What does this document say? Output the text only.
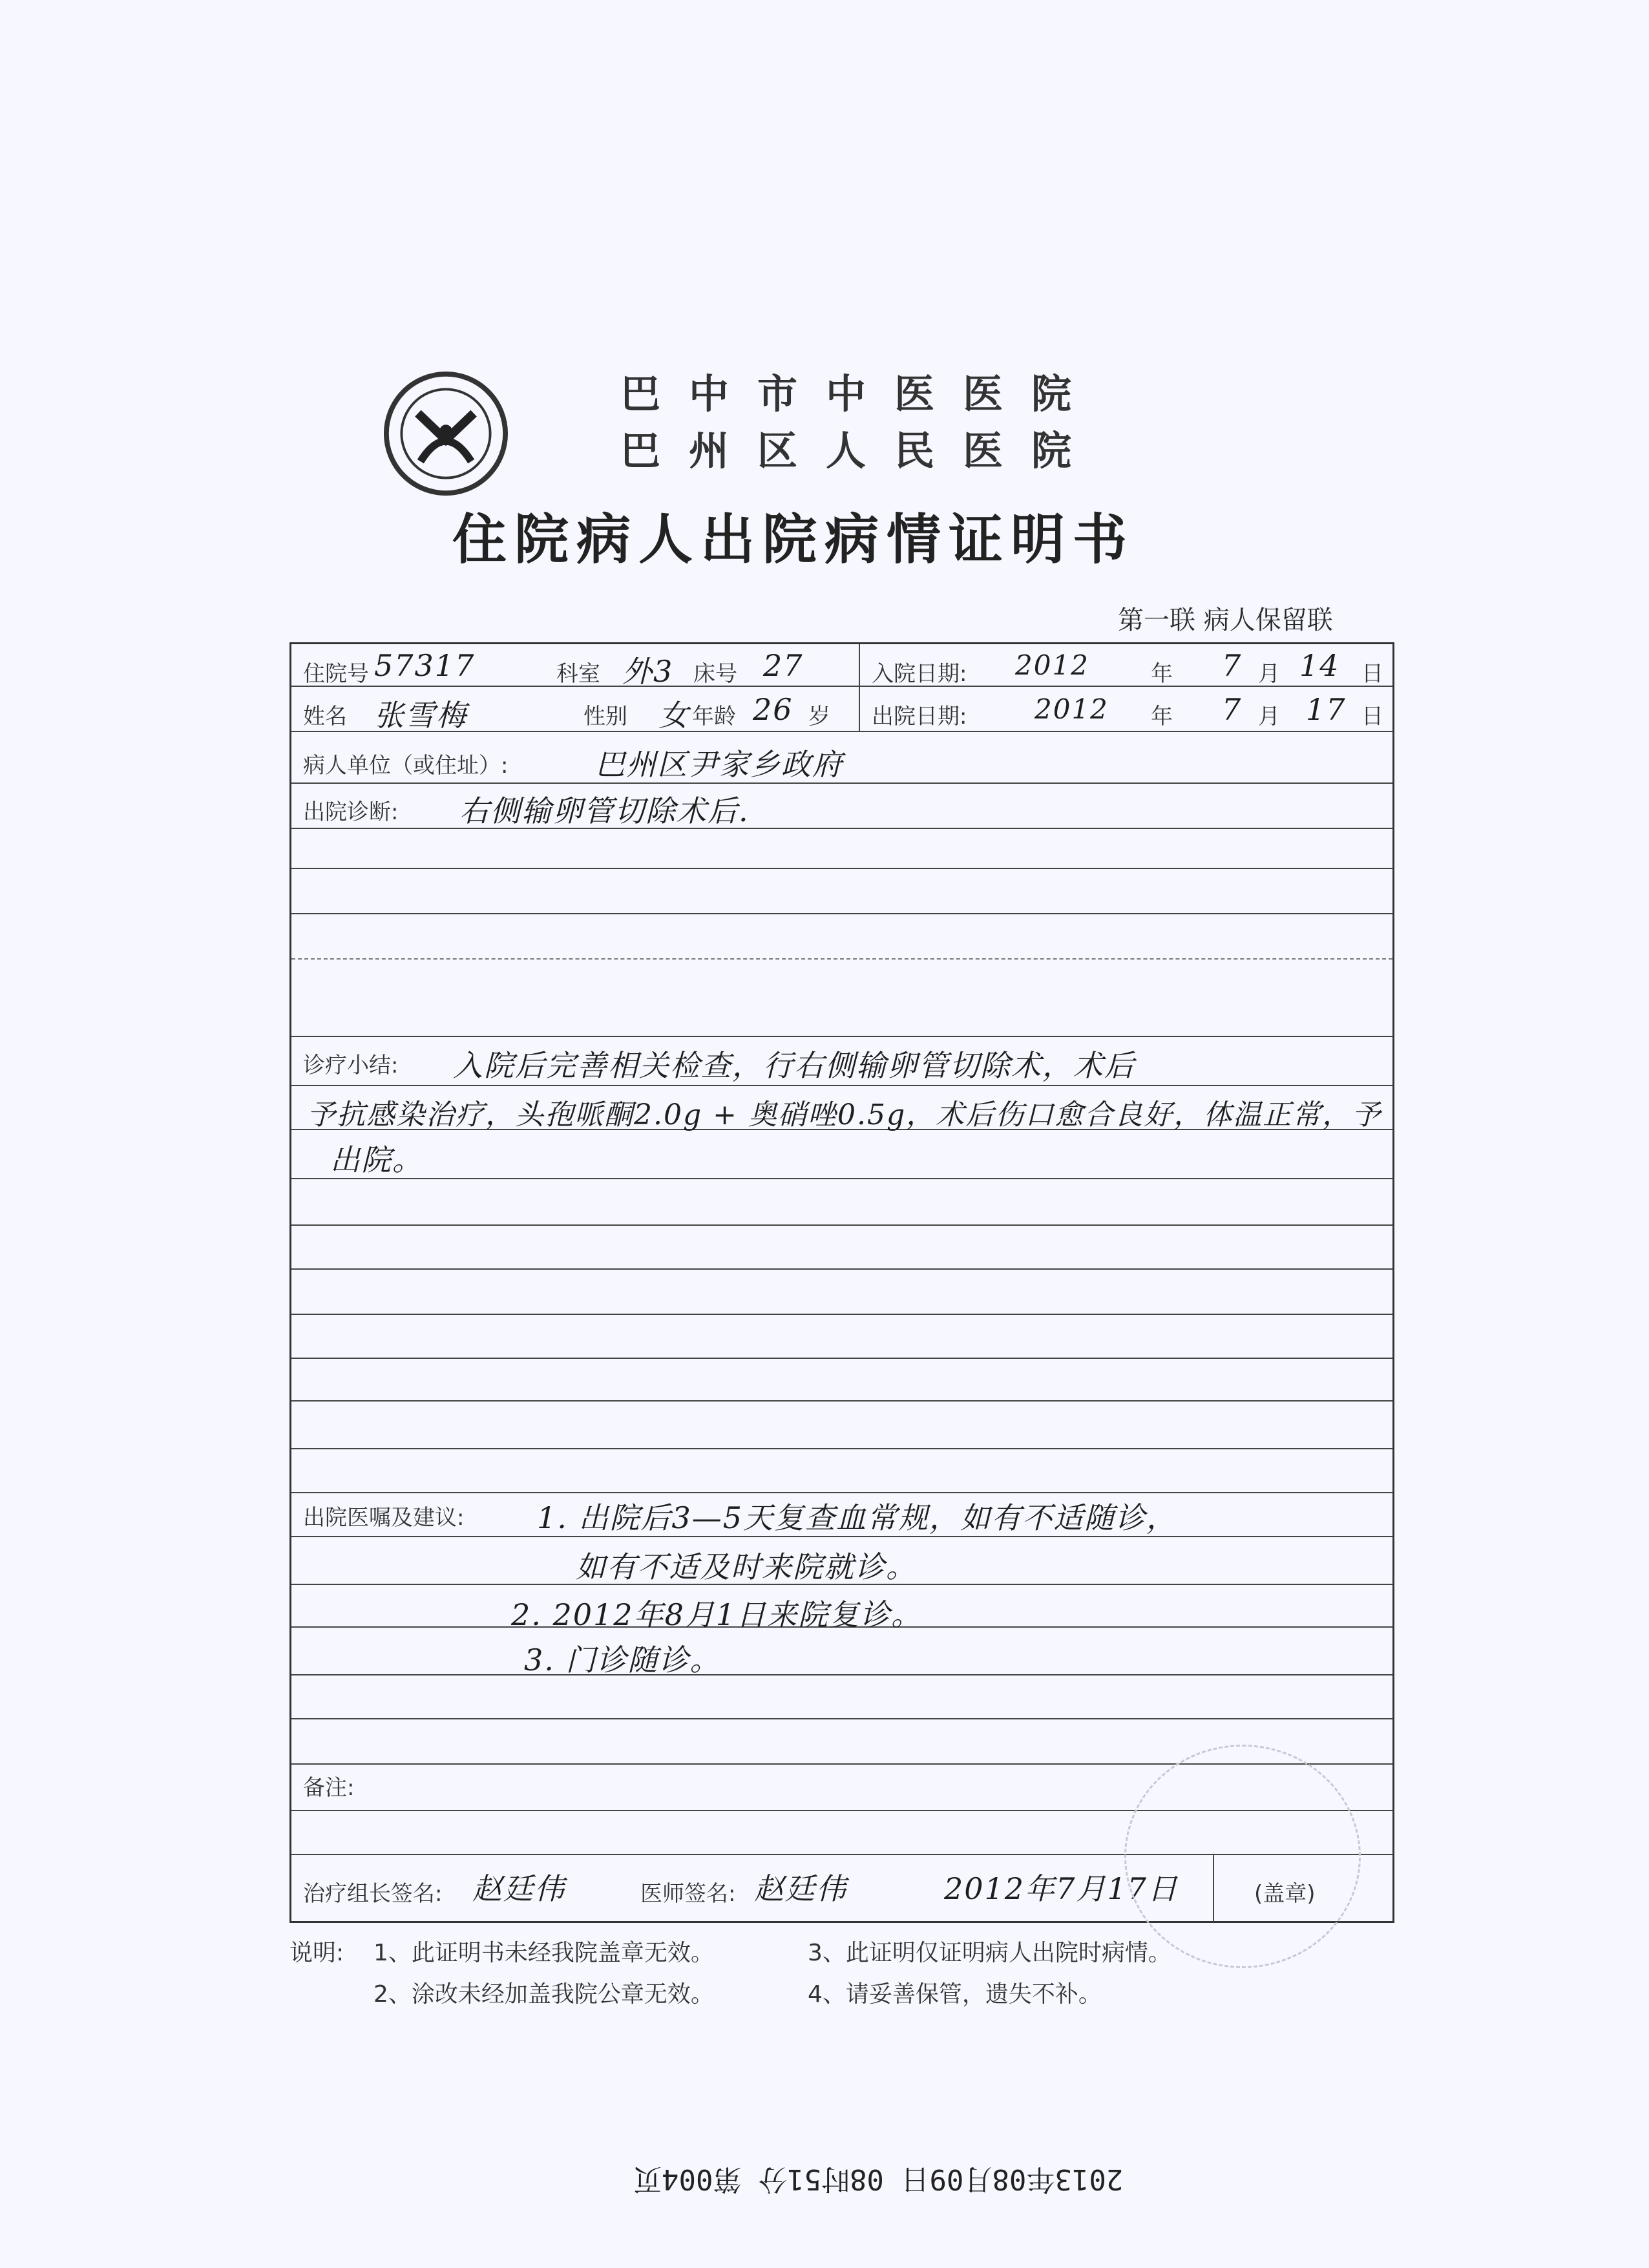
巴中市中医医院
巴州区人民医院
住院病人出院病情证明书
第一联 病人保留联
住院号 57317	科室 外3 床号 27	入院日期: 2012	年 7 月 14 日
姓名 张雪梅	性别 女 年龄 26 岁 出院日期: 2012 年 7 月 17 日
病人单位（或住址）:	巴州区尹家乡政府
出院诊断: 右侧输卵管切除术后.
诊疗小结: 入院后完善相关检查，行右侧输卵管切除术，术后
予抗感染治疗，头孢哌酮2.0g + 奥硝唑0.5g，术后伤口愈合良好，体温正常，予
出院。
出院医嘱及建议: 1. 出院后3—5天复查血常规，如有不适随诊，
如有不适及时来院就诊。
2. 2012年8月1日来院复诊。
3. 门诊随诊。
备注:
治疗组长签名: 赵廷伟	医师签名: 赵廷伟	2012年7月17日	(盖章)
说明: 1、此证明书未经我院盖章无效。	3、此证明仅证明病人出院时病情。
2、涂改未经加盖我院公章无效。	4、请妥善保管，遗失不补。
2013年08月09日 08时51分 第004页
